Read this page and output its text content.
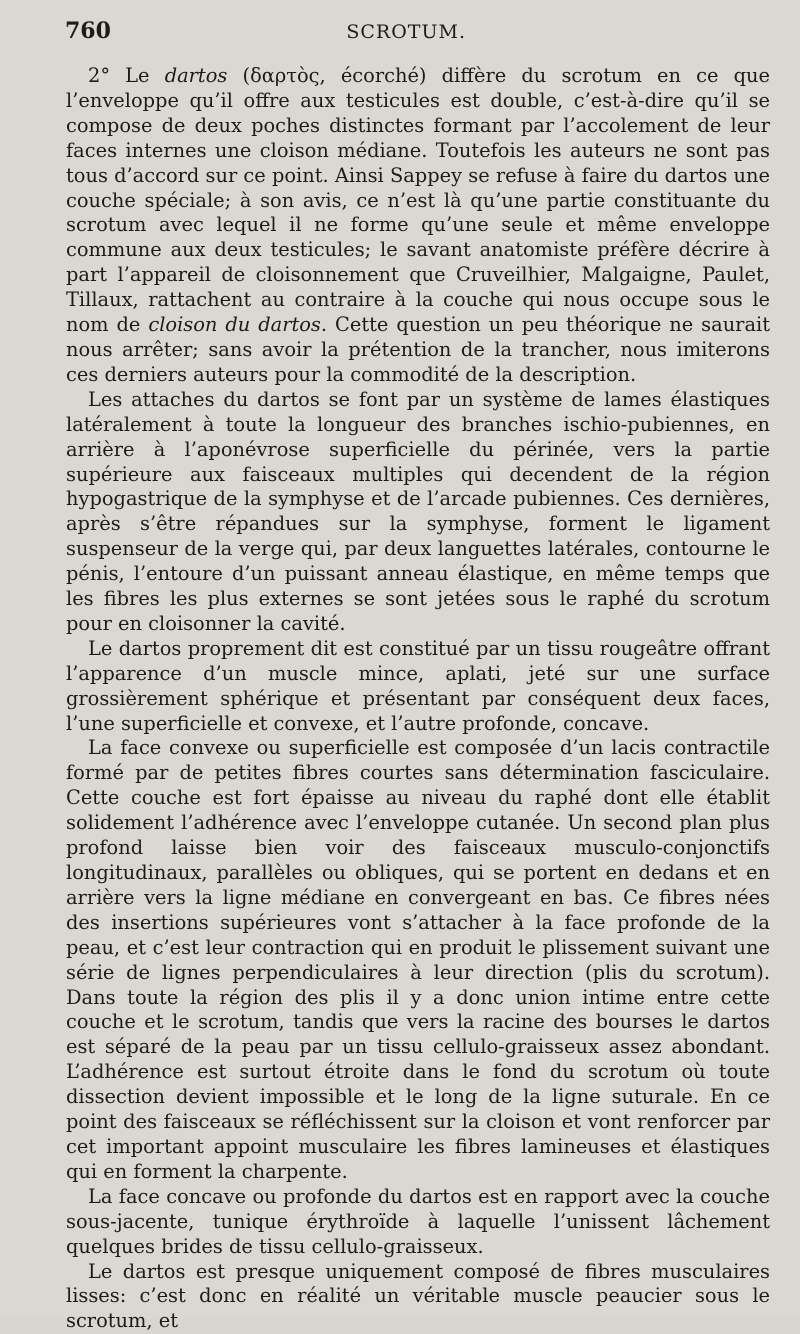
760	SCROTUM.

2° Le dartos (δαρτὸς, écorché) diffère du scrotum en ce que l’enveloppe qu’il offre aux testicules est double, c’est-à-dire qu’il se compose de deux poches distinctes formant par l’accolement de leur faces internes une cloison médiane. Toutefois les auteurs ne sont pas tous d’accord sur ce point. Ainsi Sappey se refuse à faire du dartos une couche spéciale; à son avis, ce n’est là qu’une partie constituante du scrotum avec lequel il ne forme qu’une seule et même enveloppe commune aux deux testicules; le savant anatomiste préfère décrire à part l’appareil de cloisonnement que Cruveilhier, Malgaigne, Paulet, Tillaux, rattachent au contraire à la couche qui nous occupe sous le nom de cloison du dartos. Cette question un peu théorique ne saurait nous arrêter; sans avoir la prétention de la trancher, nous imiterons ces derniers auteurs pour la commodité de la description.

Les attaches du dartos se font par un système de lames élastiques latéralement à toute la longueur des branches ischio-pubiennes, en arrière à l’aponévrose superficielle du périnée, vers la partie supérieure aux faisceaux multiples qui decendent de la région hypogastrique de la symphyse et de l’arcade pubiennes. Ces dernières, après s’être répandues sur la symphyse, forment le ligament suspenseur de la verge qui, par deux languettes latérales, contourne le pénis, l’entoure d’un puissant anneau élastique, en même temps que les fibres les plus externes se sont jetées sous le raphé du scrotum pour en cloisonner la cavité.

Le dartos proprement dit est constitué par un tissu rougeâtre offrant l’apparence d’un muscle mince, aplati, jeté sur une surface grossièrement sphérique et présentant par conséquent deux faces, l’une superficielle et convexe, et l’autre profonde, concave.

La face convexe ou superficielle est composée d’un lacis contractile formé par de petites fibres courtes sans détermination fasciculaire. Cette couche est fort épaisse au niveau du raphé dont elle établit solidement l’adhérence avec l’enveloppe cutanée. Un second plan plus profond laisse bien voir des faisceaux musculo-conjonctifs longitudinaux, parallèles ou obliques, qui se portent en dedans et en arrière vers la ligne médiane en convergeant en bas. Ce fibres nées des insertions supérieures vont s’attacher à la face profonde de la peau, et c’est leur contraction qui en produit le plissement suivant une série de lignes perpendiculaires à leur direction (plis du scrotum). Dans toute la région des plis il y a donc union intime entre cette couche et le scrotum, tandis que vers la racine des bourses le dartos est séparé de la peau par un tissu cellulo-graisseux assez abondant. L’adhérence est surtout étroite dans le fond du scrotum où toute dissection devient impossible et le long de la ligne suturale. En ce point des faisceaux se réfléchissent sur la cloison et vont renforcer par cet important appoint musculaire les fibres lamineuses et élastiques qui en forment la charpente.

La face concave ou profonde du dartos est en rapport avec la couche sous-jacente, tunique érythroïde à laquelle l’unissent lâchement quelques brides de tissu cellulo-graisseux.

Le dartos est presque uniquement composé de fibres musculaires lisses: c’est donc en réalité un véritable muscle peaucier sous le scrotum, et
